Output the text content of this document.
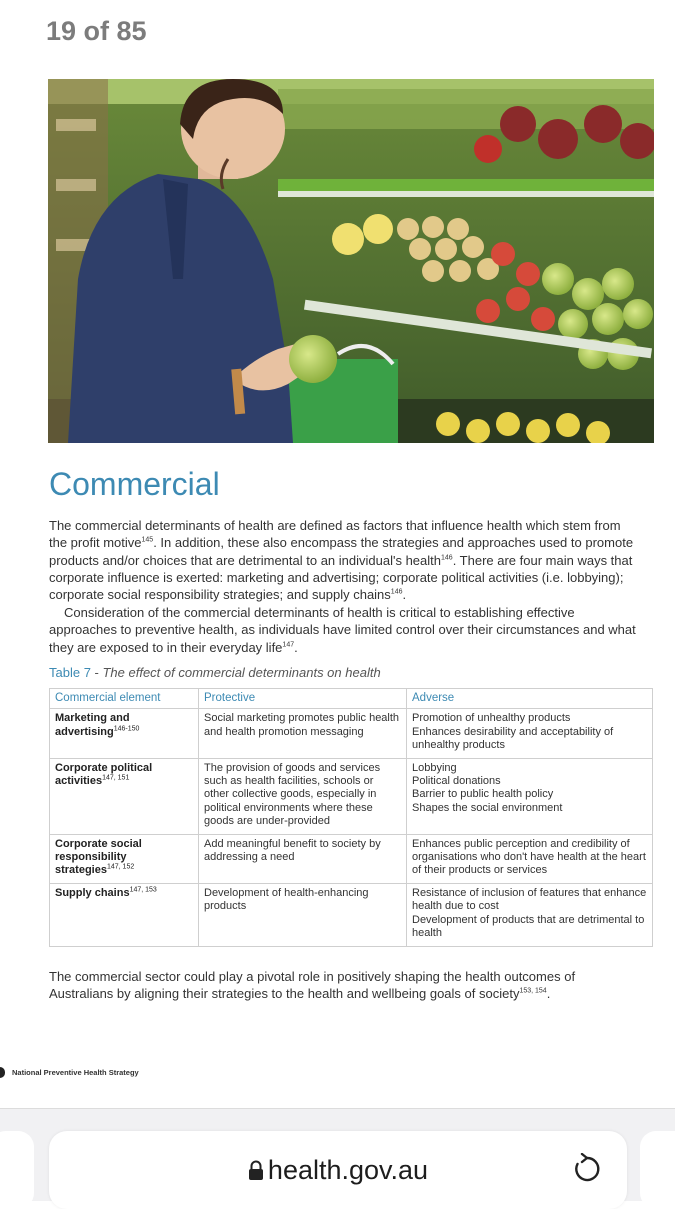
19 of 85
Commercial

The commercial determinants of health are defined as factors that influence health which stem from the profit motive$^{145}$. In addition, these also encompass the strategies and approaches used to promote products and/or choices that are detrimental to an individual's health$^{146}$. There are four main ways that corporate influence is exerted: marketing and advertising; corporate political activities (i.e. lobbying); corporate social responsibility strategies; and supply chains$^{146}$.

Consideration of the commercial determinants of health is critical to establishing effective approaches to preventive health, as individuals have limited control over their circumstances and what they are exposed to in their everyday life$^{147}$.

Table 7 - The effect of commercial determinants on health
Commercial element	Protective	Adverse
Marketing and advertising$^{146-150}$	Social marketing promotes public health and health promotion messaging	Promotion of unhealthy products
Enhances desirability and acceptability of unhealthy products

Corporate political activities$^{147, 151}$	The provision of goods and services such as health facilities, schools or other collective goods, especially in political environments where these goods are under-provided	Lobbying
Political donations
Barrier to public health policy
Shapes the social environment

Corporate social responsibility strategies$^{147, 152}$	Add meaningful benefit to society by addressing a need	Enhances public perception and credibility of organisations who don't have health at the heart of their products or services

Supply chains$^{147, 153}$	Development of health-enhancing products	Resistance of inclusion of features that enhance health due to cost
Development of products that are detrimental to health

The commercial sector could play a pivotal role in positively shaping the health outcomes of Australians by aligning their strategies to the health and wellbeing goals of society$^{153, 154}$.

National Preventive Health Strategy
health.gov.au
